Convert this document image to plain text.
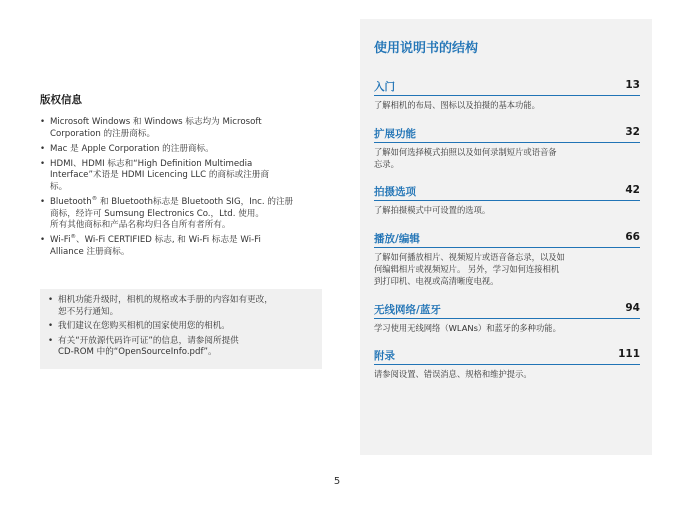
版权信息
• Microsoft Windows 和 Windows 标志均为 Microsoft
Corporation 的注册商标。
• Mac 是 Apple Corporation 的注册商标。
• HDMI、HDMI 标志和“High Definition Multimedia
Interface”术语是 HDMI Licencing LLC 的商标或注册商
标。
• Bluetooth® 和 Bluetooth标志是 Bluetooth SIG，Inc. 的注册
商标，经许可 Sumsung Electronics Co.，Ltd. 使用。
所有其他商标和产品名称均归各自所有者所有。
• Wi-Fi®、Wi-Fi CERTIFIED 标志, 和 Wi-Fi 标志是 Wi-Fi
Alliance 注册商标。
• 相机功能升级时，相机的规格或本手册的内容如有更改，
恕不另行通知。
• 我们建议在您购买相机的国家使用您的相机。
• 有关“开放源代码许可证”的信息，请参阅所提供
CD-ROM 中的“OpenSourceInfo.pdf”。
使用说明书的结构
入门	13
了解相机的布局、图标以及拍摄的基本功能。
扩展功能	32
了解如何选择模式拍照以及如何录制短片或语音备
忘录。
拍摄选项	42
了解拍摄模式中可设置的选项。
播放/编辑	66
了解如何播放相片、视频短片或语音备忘录，以及如
何编辑相片或视频短片。 另外，学习如何连接相机
到打印机、电视或高清晰度电视。
无线网络/蓝牙	94
学习使用无线网络（WLANs）和蓝牙的多种功能。
附录	111
请参阅设置、错误消息、规格和维护提示。
5
